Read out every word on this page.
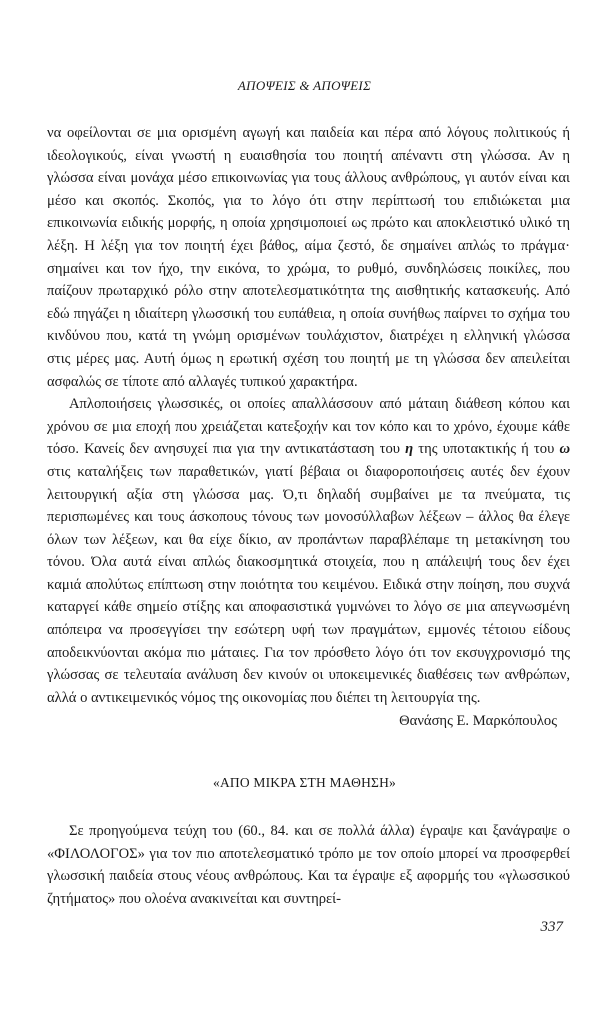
ΑΠΟΨΕΙΣ & ΑΠΟΨΕΙΣ

να οφείλονται σε μια ορισμένη αγωγή και παιδεία και πέρα από λόγους πολιτικούς ή ιδεολογικούς, είναι γνωστή η ευαισθησία του ποιητή απέναντι στη γλώσσα. Αν η γλώσσα είναι μονάχα μέσο επικοινωνίας για τους άλλους ανθρώπους, γι αυτόν είναι και μέσο και σκοπός. Σκοπός, για το λόγο ότι στην περίπτωσή του επιδιώκεται μια επικοινωνία ειδικής μορφής, η οποία χρησιμοποιεί ως πρώτο και αποκλειστικό υλικό τη λέξη. Η λέξη για τον ποιητή έχει βάθος, αίμα ζεστό, δε σημαίνει απλώς το πράγμα· σημαίνει και τον ήχο, την εικόνα, το χρώμα, το ρυθμό, συνδηλώσεις ποικίλες, που παίζουν πρωταρχικό ρόλο στην αποτελεσματικότητα της αισθητικής κατασκευής. Από εδώ πηγάζει η ιδιαίτερη γλωσσική του ευπάθεια, η οποία συνήθως παίρνει το σχήμα του κινδύνου που, κατά τη γνώμη ορισμένων τουλάχιστον, διατρέχει η ελληνική γλώσσα στις μέρες μας. Αυτή όμως η ερωτική σχέση του ποιητή με τη γλώσσα δεν απειλείται ασφαλώς σε τίποτε από αλλαγές τυπικού χαρακτήρα.

Απλοποιήσεις γλωσσικές, οι οποίες απαλλάσσουν από μάταιη διάθεση κόπου και χρόνου σε μια εποχή που χρειάζεται κατεξοχήν και τον κόπο και το χρόνο, έχουμε κάθε τόσο. Κανείς δεν ανησυχεί πια για την αντικατάσταση του η της υποτακτικής ή του ω στις καταλήξεις των παραθετικών, γιατί βέβαια οι διαφοροποιήσεις αυτές δεν έχουν λειτουργική αξία στη γλώσσα μας. Ό,τι δηλαδή συμβαίνει με τα πνεύματα, τις περισπωμένες και τους άσκοπους τόνους των μονοσύλλαβων λέξεων – άλλος θα έλεγε όλων των λέξεων, και θα είχε δίκιο, αν προπάντων παραβλέπαμε τη μετακίνηση του τόνου. Όλα αυτά είναι απλώς διακοσμητικά στοιχεία, που η απάλειψή τους δεν έχει καμιά απολύτως επίπτωση στην ποιότητα του κειμένου. Ειδικά στην ποίηση, που συχνά καταργεί κάθε σημείο στίξης και αποφασιστικά γυμνώνει το λόγο σε μια απεγνωσμένη απόπειρα να προσεγγίσει την εσώτερη υφή των πραγμάτων, εμμονές τέτοιου είδους αποδεικνύονται ακόμα πιο μάταιες. Για τον πρόσθετο λόγο ότι τον εκσυγχρονισμό της γλώσσας σε τελευταία ανάλυση δεν κινούν οι υποκειμενικές διαθέσεις των ανθρώπων, αλλά ο αντικειμενικός νόμος της οικονομίας που διέπει τη λειτουργία της.

Θανάσης Ε. Μαρκόπουλος
«ΑΠΟ ΜΙΚΡΑ ΣΤΗ ΜΑΘΗΣΗ»

Σε προηγούμενα τεύχη του (60., 84. και σε πολλά άλλα) έγραψε και ξανάγραψε ο «ΦΙΛΟΛΟΓΟΣ» για τον πιο αποτελεσματικό τρόπο με τον οποίο μπορεί να προσφερθεί γλωσσική παιδεία στους νέους ανθρώπους. Και τα έγραψε εξ αφορμής του «γλωσσικού ζητήματος» που ολοένα ανακινείται και συντηρεί-

337
